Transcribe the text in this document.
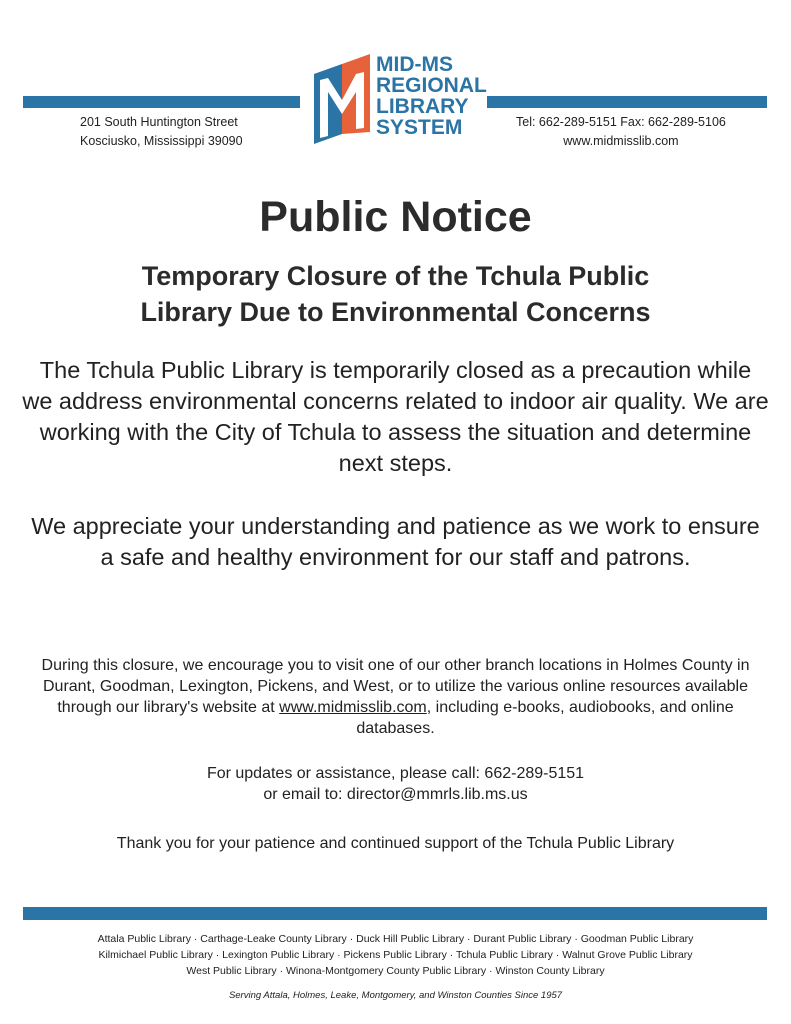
201 South Huntington Street
Kosciusko, Mississippi 39090
Tel: 662-289-5151 Fax: 662-289-5106
www.midmisslib.com
MID-MS
REGIONAL
LIBRARY
SYSTEM
Public Notice
Temporary Closure of the Tchula Public
Library Due to Environmental Concerns
The Tchula Public Library is temporarily closed as a precaution while we address environmental concerns related to indoor air quality. We are working with the City of Tchula to assess the situation and determine next steps.
We appreciate your understanding and patience as we work to ensure a safe and healthy environment for our staff and patrons.
During this closure, we encourage you to visit one of our other branch locations in Holmes County in Durant, Goodman, Lexington, Pickens, and West, or to utilize the various online resources available through our library's website at www.midmisslib.com, including e-books, audiobooks, and online databases.
For updates or assistance, please call: 662-289-5151
or email to: director@mmrls.lib.ms.us
Thank you for your patience and continued support of the Tchula Public Library
Attala Public Library · Carthage-Leake County Library · Duck Hill Public Library · Durant Public Library · Goodman Public Library
Kilmichael Public Library · Lexington Public Library · Pickens Public Library · Tchula Public Library · Walnut Grove Public Library
West Public Library · Winona-Montgomery County Public Library · Winston County Library
Serving Attala, Holmes, Leake, Montgomery, and Winston Counties Since 1957
